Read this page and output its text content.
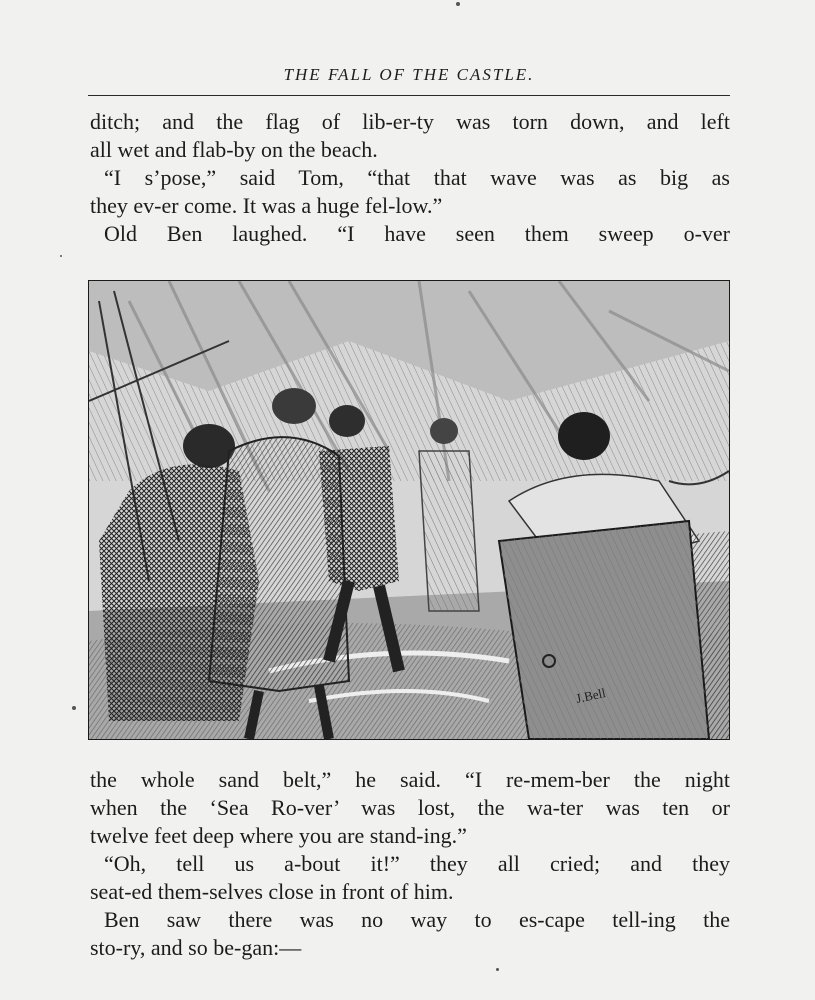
THE FALL OF THE CASTLE.
ditch; and the flag of lib-er-ty was torn down, and left
all wet and flab-by on the beach.
“I s’pose,” said Tom, “that that wave was as big as
they ev-er come. It was a huge fel-low.”
Old Ben laughed. “I have seen them sweep o-ver
J.Bell
the whole sand belt,” he said. “I re-mem-ber the night
when the ‘Sea Ro-ver’ was lost, the wa-ter was ten or
twelve feet deep where you are stand-ing.”
“Oh, tell us a-bout it!” they all cried; and they
seat-ed them-selves close in front of him.
Ben saw there was no way to es-cape tell-ing the
sto-ry, and so be-gan:—
